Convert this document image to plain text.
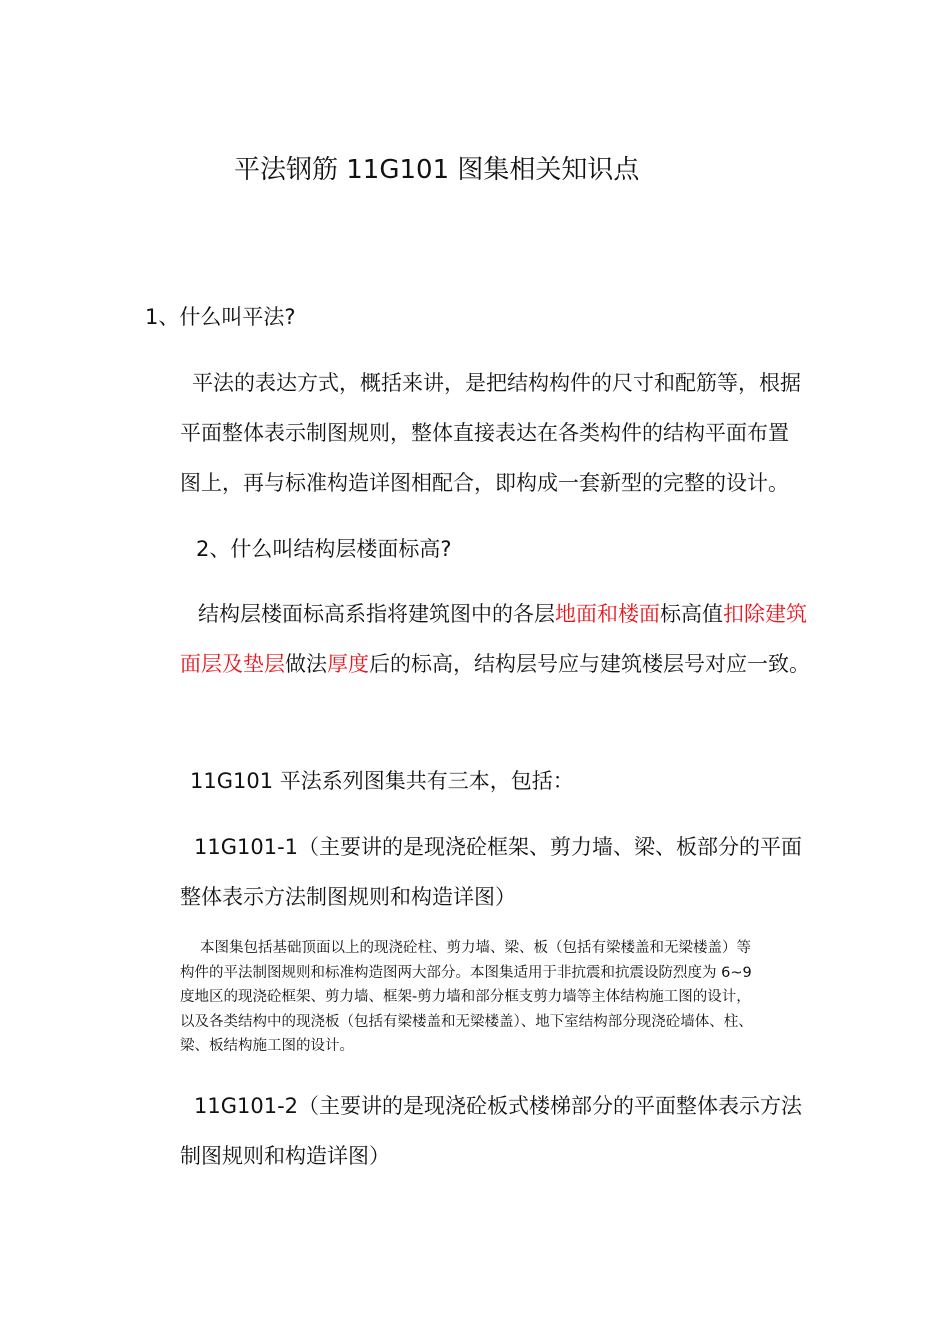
平法钢筋 11G101 图集相关知识点
1、什么叫平法?
平法的表达方式，概括来讲，是把结构构件的尺寸和配筋等，根据
平面整体表示制图规则，整体直接表达在各类构件的结构平面布置
图上，再与标准构造详图相配合，即构成一套新型的完整的设计。
2、什么叫结构层楼面标高?
结构层楼面标高系指将建筑图中的各层地面和楼面标高值扣除建筑
面层及垫层做法厚度后的标高，结构层号应与建筑楼层号对应一致。
11G101 平法系列图集共有三本，包括：
11G101-1（主要讲的是现浇砼框架、剪力墙、梁、板部分的平面
整体表示方法制图规则和构造详图）
本图集包括基础顶面以上的现浇砼柱、剪力墙、梁、板（包括有梁楼盖和无梁楼盖）等
构件的平法制图规则和标准构造图两大部分。本图集适用于非抗震和抗震设防烈度为 6~9
度地区的现浇砼框架、剪力墙、框架-剪力墙和部分框支剪力墙等主体结构施工图的设计，
以及各类结构中的现浇板（包括有梁楼盖和无梁楼盖）、地下室结构部分现浇砼墙体、柱、
梁、板结构施工图的设计。
11G101-2（主要讲的是现浇砼板式楼梯部分的平面整体表示方法
制图规则和构造详图）
